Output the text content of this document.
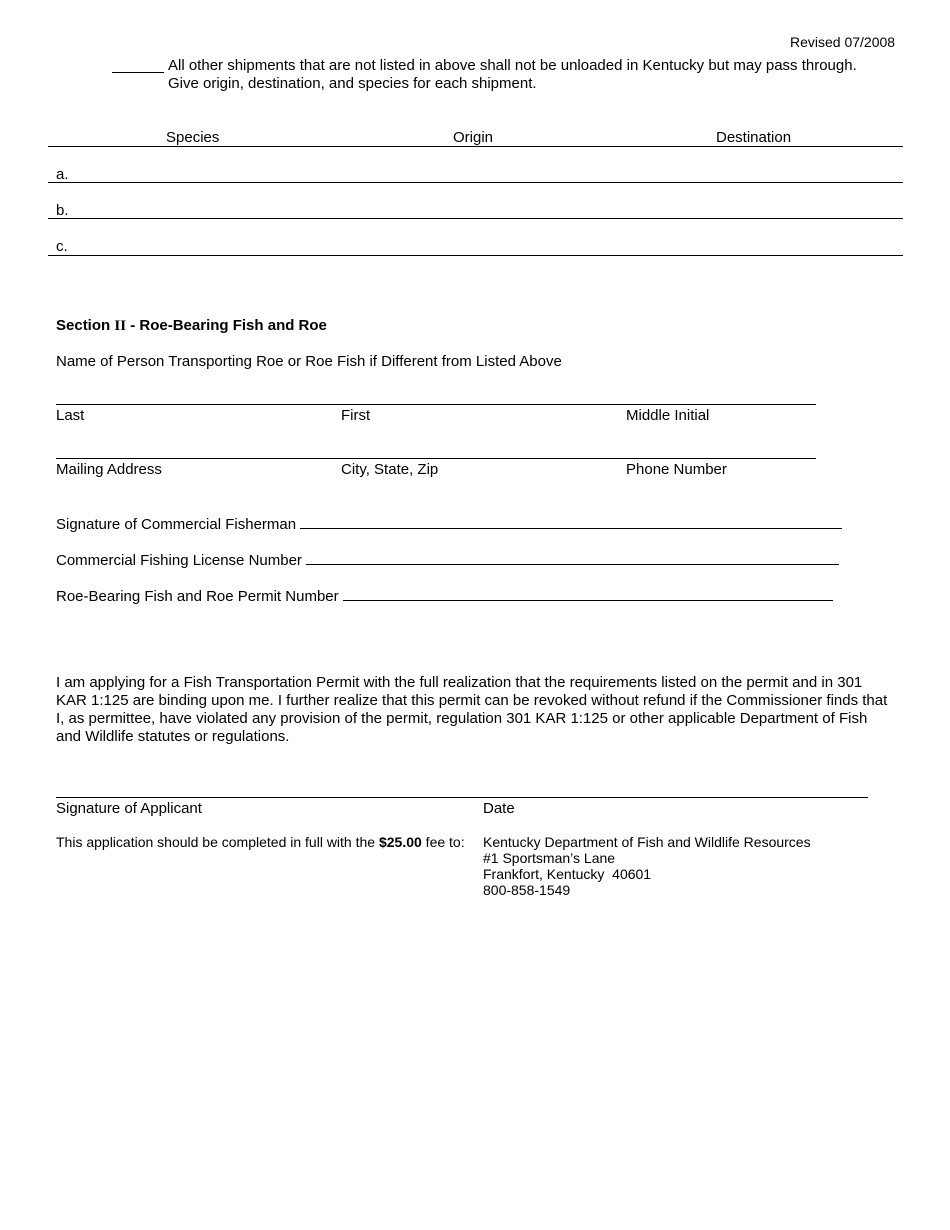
Revised 07/2008
All other shipments that are not listed in above shall not be unloaded in Kentucky but may pass through.
Give origin, destination, and species for each shipment.
Species	Origin	Destination
a.
b.
c.
Section II - Roe-Bearing Fish and Roe
Name of Person Transporting Roe or Roe Fish if Different from Listed Above
Last	First	Middle Initial
Mailing Address	City, State, Zip	Phone Number
Signature of Commercial Fisherman
Commercial Fishing License Number
Roe-Bearing Fish and Roe Permit Number
I am applying for a Fish Transportation Permit with the full realization that the requirements listed on the permit and in 301 KAR 1:125 are binding upon me. I further realize that this permit can be revoked without refund if the Commissioner finds that I, as permittee, have violated any provision of the permit, regulation 301 KAR 1:125 or other applicable Department of Fish and Wildlife statutes or regulations.
Signature of Applicant	Date
This application should be completed in full with the $25.00 fee to: Kentucky Department of Fish and Wildlife Resources
#1 Sportsman’s Lane
Frankfort, Kentucky  40601
800-858-1549
